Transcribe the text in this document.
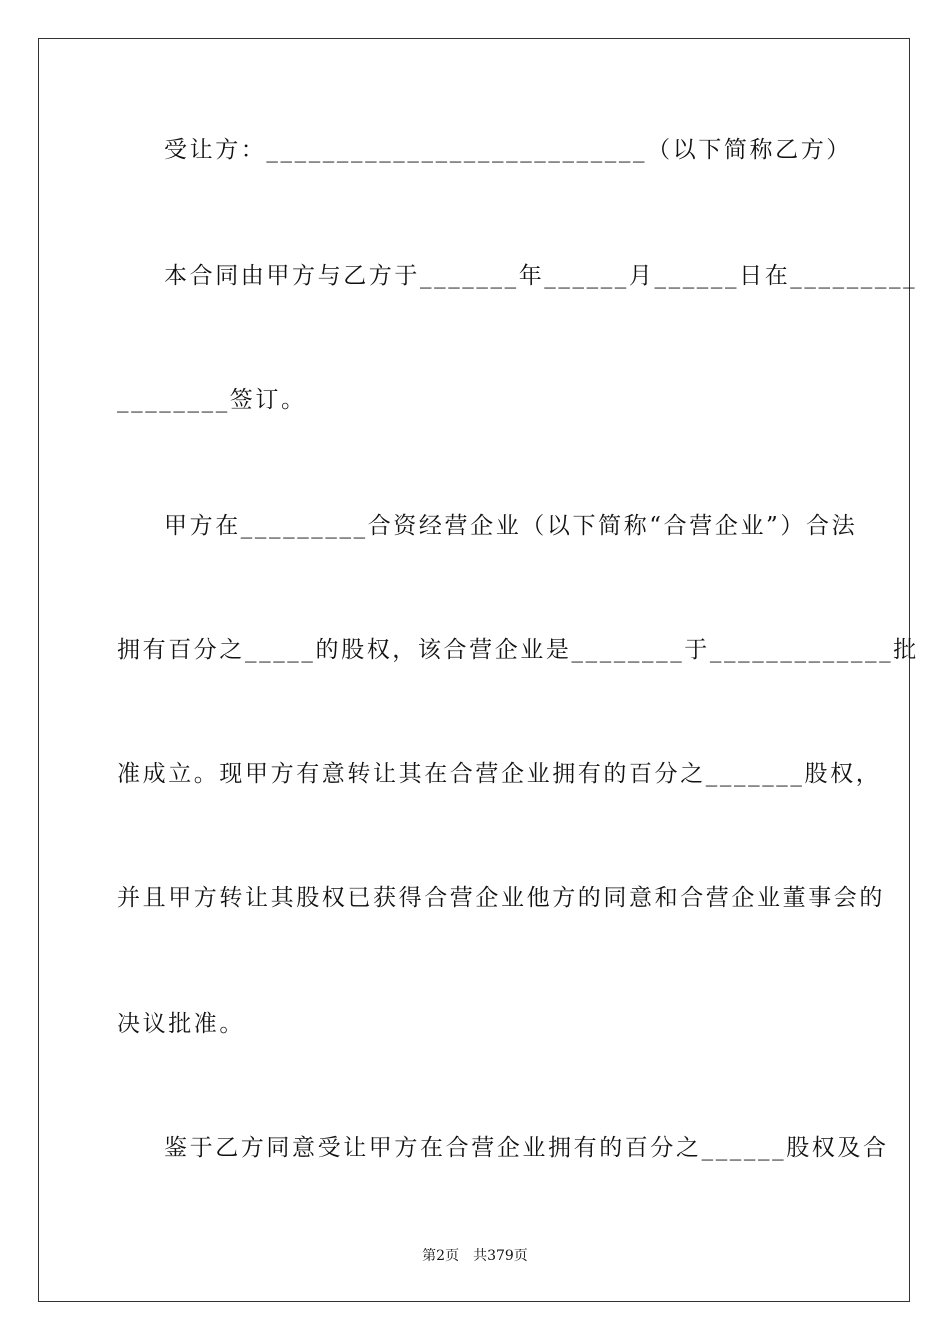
受让方：___________________________（以下简称乙方）
本合同由甲方与乙方于_______年______月______日在_________
________签订。
甲方在_________合资经营企业（以下简称“合营企业”）合法
拥有百分之_____的股权，该合营企业是________于_____________批
准成立。现甲方有意转让其在合营企业拥有的百分之_______股权，
并且甲方转让其股权已获得合营企业他方的同意和合营企业董事会的
决议批准。
鉴于乙方同意受让甲方在合营企业拥有的百分之______股权及合
第2页　共379页
